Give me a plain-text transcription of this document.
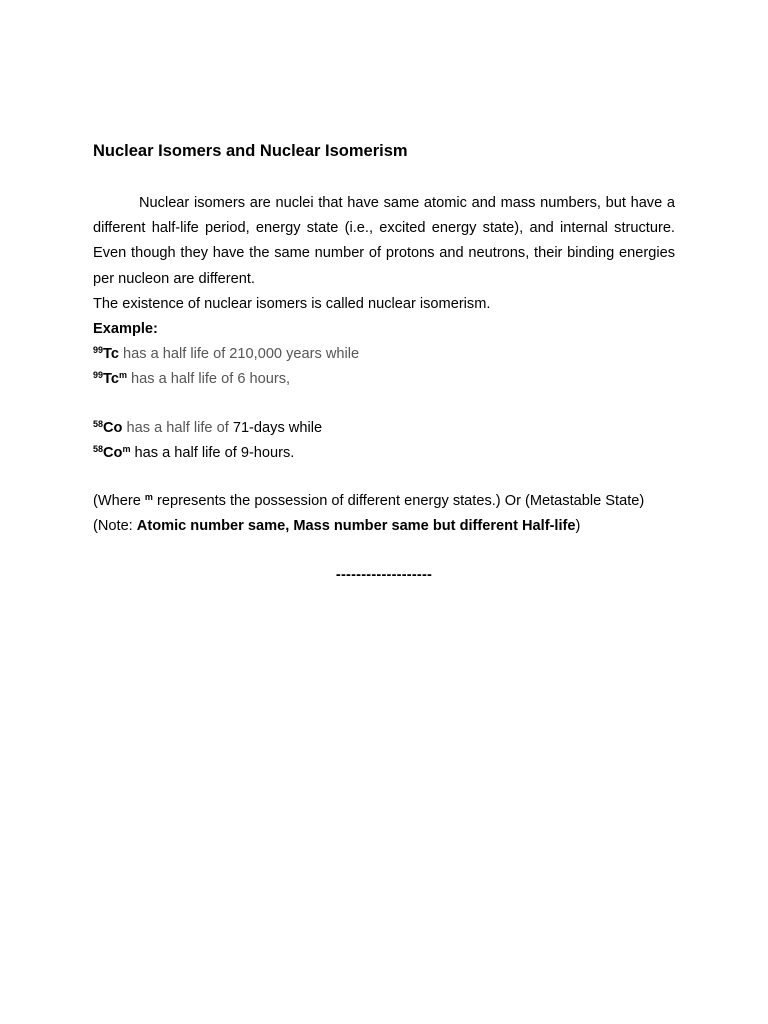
Nuclear Isomers and Nuclear Isomerism

Nuclear isomers are nuclei that have same atomic and mass numbers, but have a different half-life period, energy state (i.e., excited energy state), and internal structure. Even though they have the same number of protons and neutrons, their binding energies per nucleon are different.

The existence of nuclear isomers is called nuclear isomerism.

Example:

$^{99}$Tc has a half life of 210,000 years while

$^{99}$Tc$^m$ has a half life of 6 hours,

$^{58}$Co has a half life of 71-days while

$^{58}$Co$^m$ has a half life of 9-hours.

(Where $^m$ represents the possession of different energy states.) Or (Metastable State)

(Note: Atomic number same, Mass number same but different Half-life)

-------------------
